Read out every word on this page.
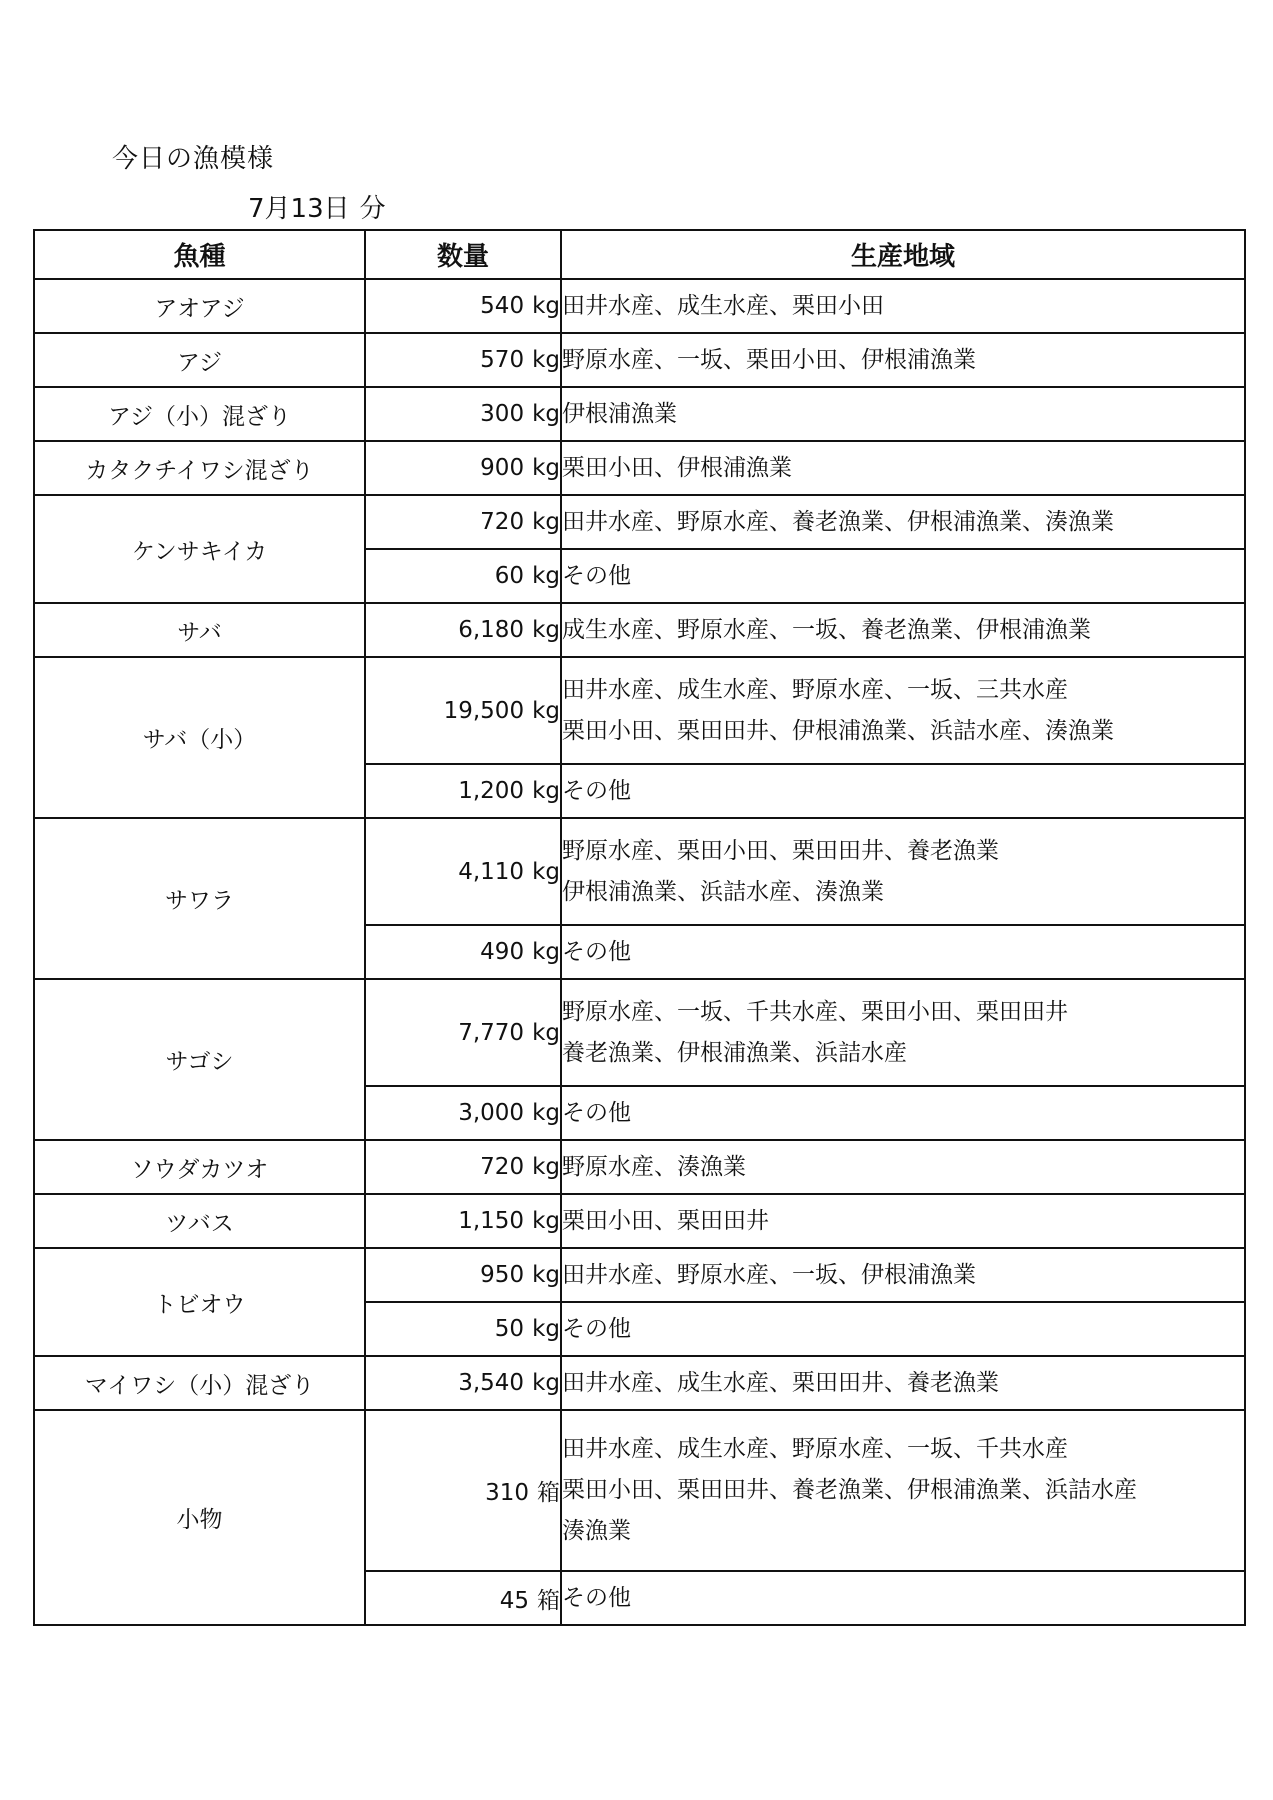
今日の漁模様
7月13日 分
魚種	数量	生産地域
アオアジ	540 kg	田井水産、成生水産、栗田小田

アジ	570 kg	野原水産、一坂、栗田小田、伊根浦漁業

アジ（小）混ざり	300 kg	伊根浦漁業

カタクチイワシ混ざり	900 kg	栗田小田、伊根浦漁業

ケンサキイカ	720 kg	田井水産、野原水産、養老漁業、伊根浦漁業、湊漁業

	60 kg	その他

サバ	6,180 kg	成生水産、野原水産、一坂、養老漁業、伊根浦漁業

サバ（小）	19,500 kg	田井水産、成生水産、野原水産、一坂、三共水産
栗田小田、栗田田井、伊根浦漁業、浜詰水産、湊漁業

	1,200 kg	その他

サワラ	4,110 kg	野原水産、栗田小田、栗田田井、養老漁業
伊根浦漁業、浜詰水産、湊漁業

	490 kg	その他

サゴシ	7,770 kg	野原水産、一坂、千共水産、栗田小田、栗田田井
養老漁業、伊根浦漁業、浜詰水産

	3,000 kg	その他

ソウダカツオ	720 kg	野原水産、湊漁業

ツバス	1,150 kg	栗田小田、栗田田井

トビオウ	950 kg	田井水産、野原水産、一坂、伊根浦漁業

	50 kg	その他

マイワシ（小）混ざり	3,540 kg	田井水産、成生水産、栗田田井、養老漁業

小物	310 箱	田井水産、成生水産、野原水産、一坂、千共水産
栗田小田、栗田田井、養老漁業、伊根浦漁業、浜詰水産
湊漁業

	45 箱	その他
